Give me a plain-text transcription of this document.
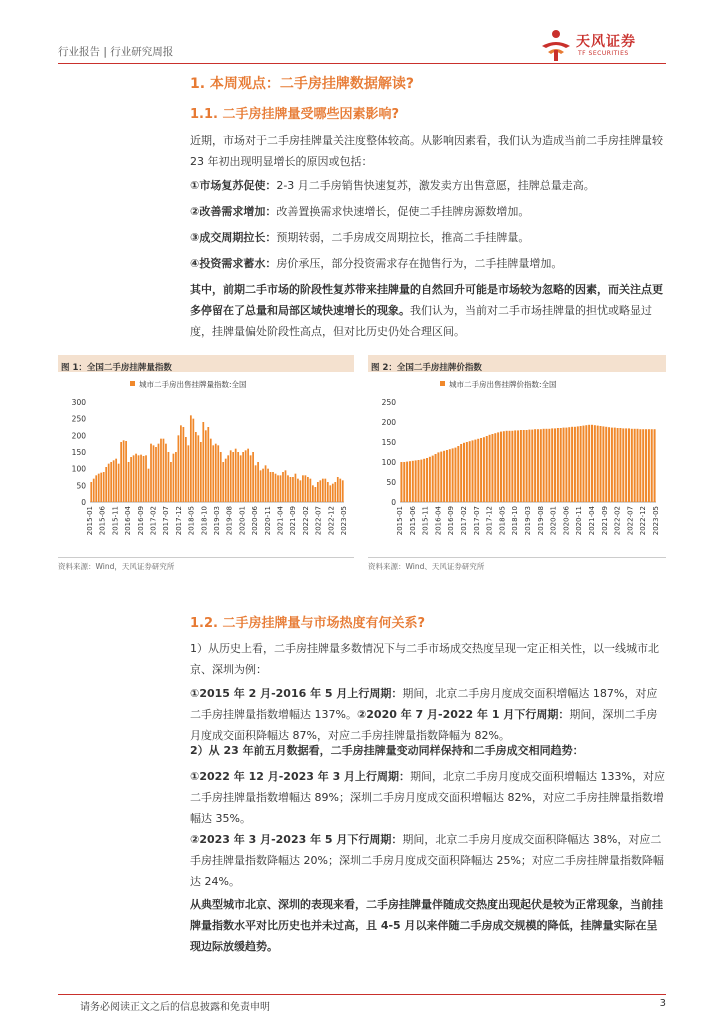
行业报告 | 行业研究周报
天风证券
TF SECURITIES
1. 本周观点：二手房挂牌数据解读?
1.1. 二手房挂牌量受哪些因素影响?
近期，市场对于二手房挂牌量关注度整体较高。从影响因素看，我们认为造成当前二手房挂牌量较 23 年初出现明显增长的原因或包括：
①市场复苏促使：2-3 月二手房销售快速复苏，激发卖方出售意愿，挂牌总量走高。
②改善需求增加：改善置换需求快速增长，促使二手挂牌房源数增加。
③成交周期拉长：预期转弱，二手房成交周期拉长，推高二手挂牌量。
④投资需求蓄水：房价承压，部分投资需求存在抛售行为，二手挂牌量增加。
其中，前期二手市场的阶段性复苏带来挂牌量的自然回升可能是市场较为忽略的因素，而关注点更多停留在了总量和局部区域快速增长的现象。我们认为，当前对二手市场挂牌量的担忧或略显过度，挂牌量偏处阶段性高点，但对比历史仍处合理区间。
图 1：全国二手房挂牌量指数
城市二手房出售挂牌量指数:全国
0
50
100
150
200
250
300
2015-01 2015-06 2015-11 2016-04 2016-09 2017-02 2017-07 2017-12 2018-05 2018-10 2019-03 2019-08 2020-01 2020-06 2020-11 2021-04 2021-09 2022-02 2022-07 2022-12 2023-05
资料来源：Wind，天风证券研究所
图 2：全国二手房挂牌价指数
城市二手房出售挂牌价指数:全国
0
50
100
150
200
250
2015-01 2015-06 2015-11 2016-04 2016-09 2017-02 2017-07 2017-12 2018-05 2018-10 2019-03 2019-08 2020-01 2020-06 2020-11 2021-04 2021-09 2022-02 2022-07 2022-12 2023-05
资料来源：Wind、天风证券研究所
1.2. 二手房挂牌量与市场热度有何关系?
1）从历史上看，二手房挂牌量多数情况下与二手市场成交热度呈现一定正相关性，以一线城市北京、深圳为例：
①2015 年 2 月-2016 年 5 月上行周期：期间，北京二手房月度成交面积增幅达 187%，对应二手房挂牌量指数增幅达 137%。②2020 年 7 月-2022 年 1 月下行周期：期间，深圳二手房月度成交面积降幅达 87%，对应二手房挂牌量指数降幅为 82%。
2）从 23 年前五月数据看，二手房挂牌量变动同样保持和二手房成交相同趋势：
①2022 年 12 月-2023 年 3 月上行周期：期间，北京二手房月度成交面积增幅达 133%，对应二手房挂牌量指数增幅达 89%；深圳二手房月度成交面积增幅达 82%，对应二手房挂牌量指数增幅达 35%。
②2023 年 3 月-2023 年 5 月下行周期：期间，北京二手房月度成交面积降幅达 38%，对应二手房挂牌量指数降幅达 20%；深圳二手房月度成交面积降幅达 25%；对应二手房挂牌量指数降幅达 24%。
从典型城市北京、深圳的表现来看，二手房挂牌量伴随成交热度出现起伏是较为正常现象，当前挂牌量指数水平对比历史也并未过高，且 4-5 月以来伴随二手房成交规模的降低，挂牌量实际在呈现边际放缓趋势。
请务必阅读正文之后的信息披露和免责申明	3
